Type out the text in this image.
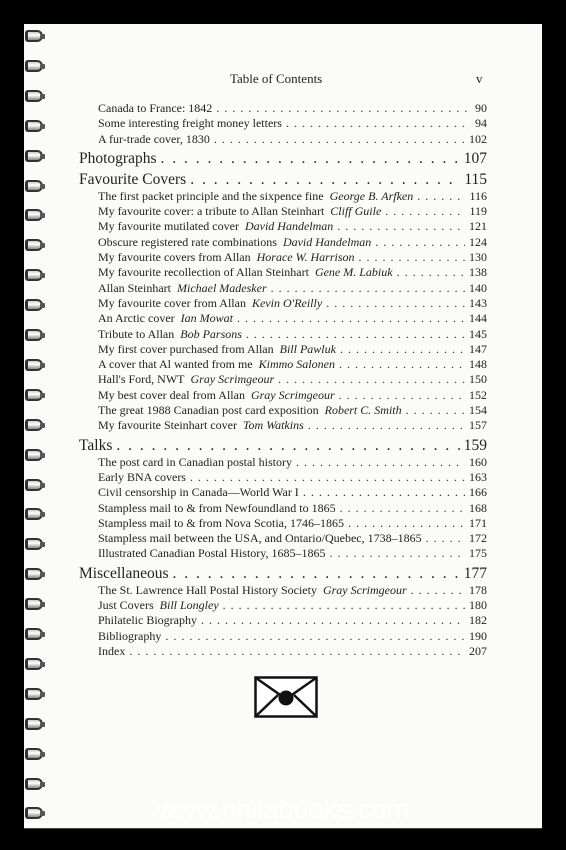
Table of Contents	v
Canada to France: 1842 . . .	90
Some interesting freight money letters . . .	94
A fur-trade cover, 1830 . . .	102
Photographs . . .	107
Favourite Covers . . .	115
The first packet principle and the sixpence fine  George B. Arfken . . .	116
My favourite cover: a tribute to Allan Steinhart  Cliff Guile . . .	119
My favourite mutilated cover  David Handelman . . .	121
Obscure registered rate combinations  David Handelman . . .	124
My favourite covers from Allan  Horace W. Harrison . . .	130
My favourite recollection of Allan Steinhart  Gene M. Labiuk . . .	138
Allan Steinhart  Michael Madesker . . .	140
My favourite cover from Allan  Kevin O'Reilly . . .	143
An Arctic cover  Ian Mowat . . .	144
Tribute to Allan  Bob Parsons . . .	145
My first cover purchased from Allan  Bill Pawluk . . .	147
A cover that Al wanted from me  Kimmo Salonen . . .	148
Hall's Ford, NWT  Gray Scrimgeour . . .	150
My best cover deal from Allan  Gray Scrimgeour . . .	152
The great 1988 Canadian post card exposition  Robert C. Smith . . .	154
My favourite Steinhart cover  Tom Watkins . . .	157
Talks . . .	159
The post card in Canadian postal history . . .	160
Early BNA covers . . .	163
Civil censorship in Canada—World War I . . .	166
Stampless mail to & from Newfoundland to 1865 . . .	168
Stampless mail to & from Nova Scotia, 1746–1865 . . .	171
Stampless mail between the USA, and Ontario/Quebec, 1738–1865 . . .	172
Illustrated Canadian Postal History, 1685–1865 . . .	175
Miscellaneous . . .	177
The St. Lawrence Hall Postal History Society  Gray Scrimgeour . . .	178
Just Covers  Bill Longley . . .	180
Philatelic Biography . . .	182
Bibliography . . .	190
Index . . .	207
www.philabooks.com
